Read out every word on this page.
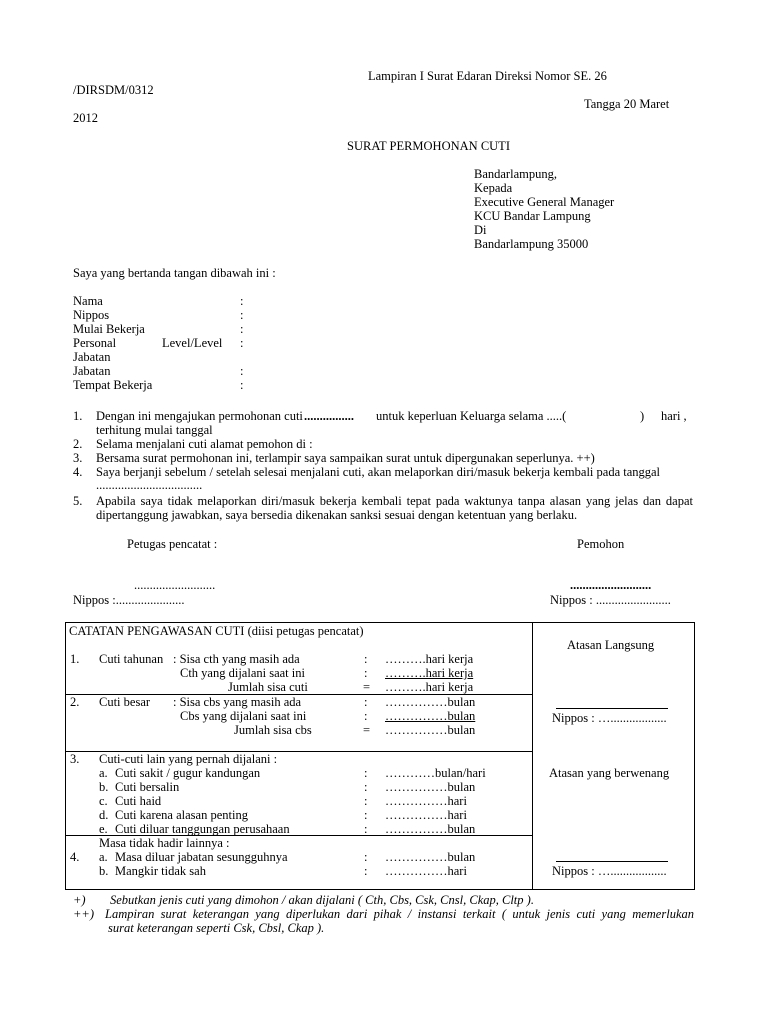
Lampiran I Surat Edaran Direksi Nomor SE. 26
/DIRSDM/0312
Tangga 20 Maret
2012
SURAT PERMOHONAN CUTI
Bandarlampung,
Kepada
Executive General Manager
KCU Bandar Lampung
Di
Bandarlampung 35000
Saya yang bertanda tangan dibawah ini :
Nama	:
Nippos	:
Mulai Bekerja	:
Personal	Level/Level :
Jabatan
Jabatan	:
Tempat Bekerja	:
1. Dengan ini mengajukan permohonan cuti ................ untuk keperluan Keluarga selama .....(	) hari ,
terhitung mulai tanggal
2. Selama menjalani cuti alamat pemohon di :
3. Bersama surat permohonan ini, terlampir saya sampaikan surat untuk dipergunakan seperlunya. ++)
4. Saya berjanji sebelum / setelah selesai menjalani cuti, akan melaporkan diri/masuk bekerja kembali pada tanggal
..................................
5. Apabila saya tidak melaporkan diri/masuk bekerja kembali tepat pada waktunya tanpa alasan yang jelas dan dapat dipertanggung jawabkan, saya bersedia dikenakan sanksi sesuai dengan ketentuan yang berlaku.
Petugas pencatat :	Pemohon
..........................	..........................
Nippos :......................	Nippos : ........................
CATATAN PENGAWASAN CUTI (diisi petugas pencatat)
Atasan Langsung
Nippos : …..................
Atasan yang berwenang
Nippos : …..................
1. Cuti tahunan : Sisa cth yang masih ada	: ……….hari kerja
Cth yang dijalani saat ini	: ……….hari kerja
Jumlah sisa cuti	= ……….hari kerja
2. Cuti besar : Sisa cbs yang masih ada	: ……………bulan
Cbs yang dijalani saat ini	: ……………bulan
Jumlah sisa cbs	= ……………bulan
3. Cuti-cuti lain yang pernah dijalani :
a. Cuti sakit / gugur kandungan	: …………bulan/hari
b. Cuti bersalin	: ……………bulan
c. Cuti haid	: ……………hari
d. Cuti karena alasan penting	: ……………hari
e. Cuti diluar tanggungan perusahaan	: ……………bulan
Masa tidak hadir lainnya :
4. a. Masa diluar jabatan sesungguhnya	: ……………bulan
b. Mangkir tidak sah	: ……………hari
+) Sebutkan jenis cuti yang dimohon / akan dijalani ( Cth, Cbs, Csk, Cnsl, Ckap, Cltp ).
++) Lampiran surat keterangan yang diperlukan dari pihak / instansi terkait ( untuk jenis cuti yang memerlukan
surat keterangan seperti Csk, Cbsl, Ckap ).
